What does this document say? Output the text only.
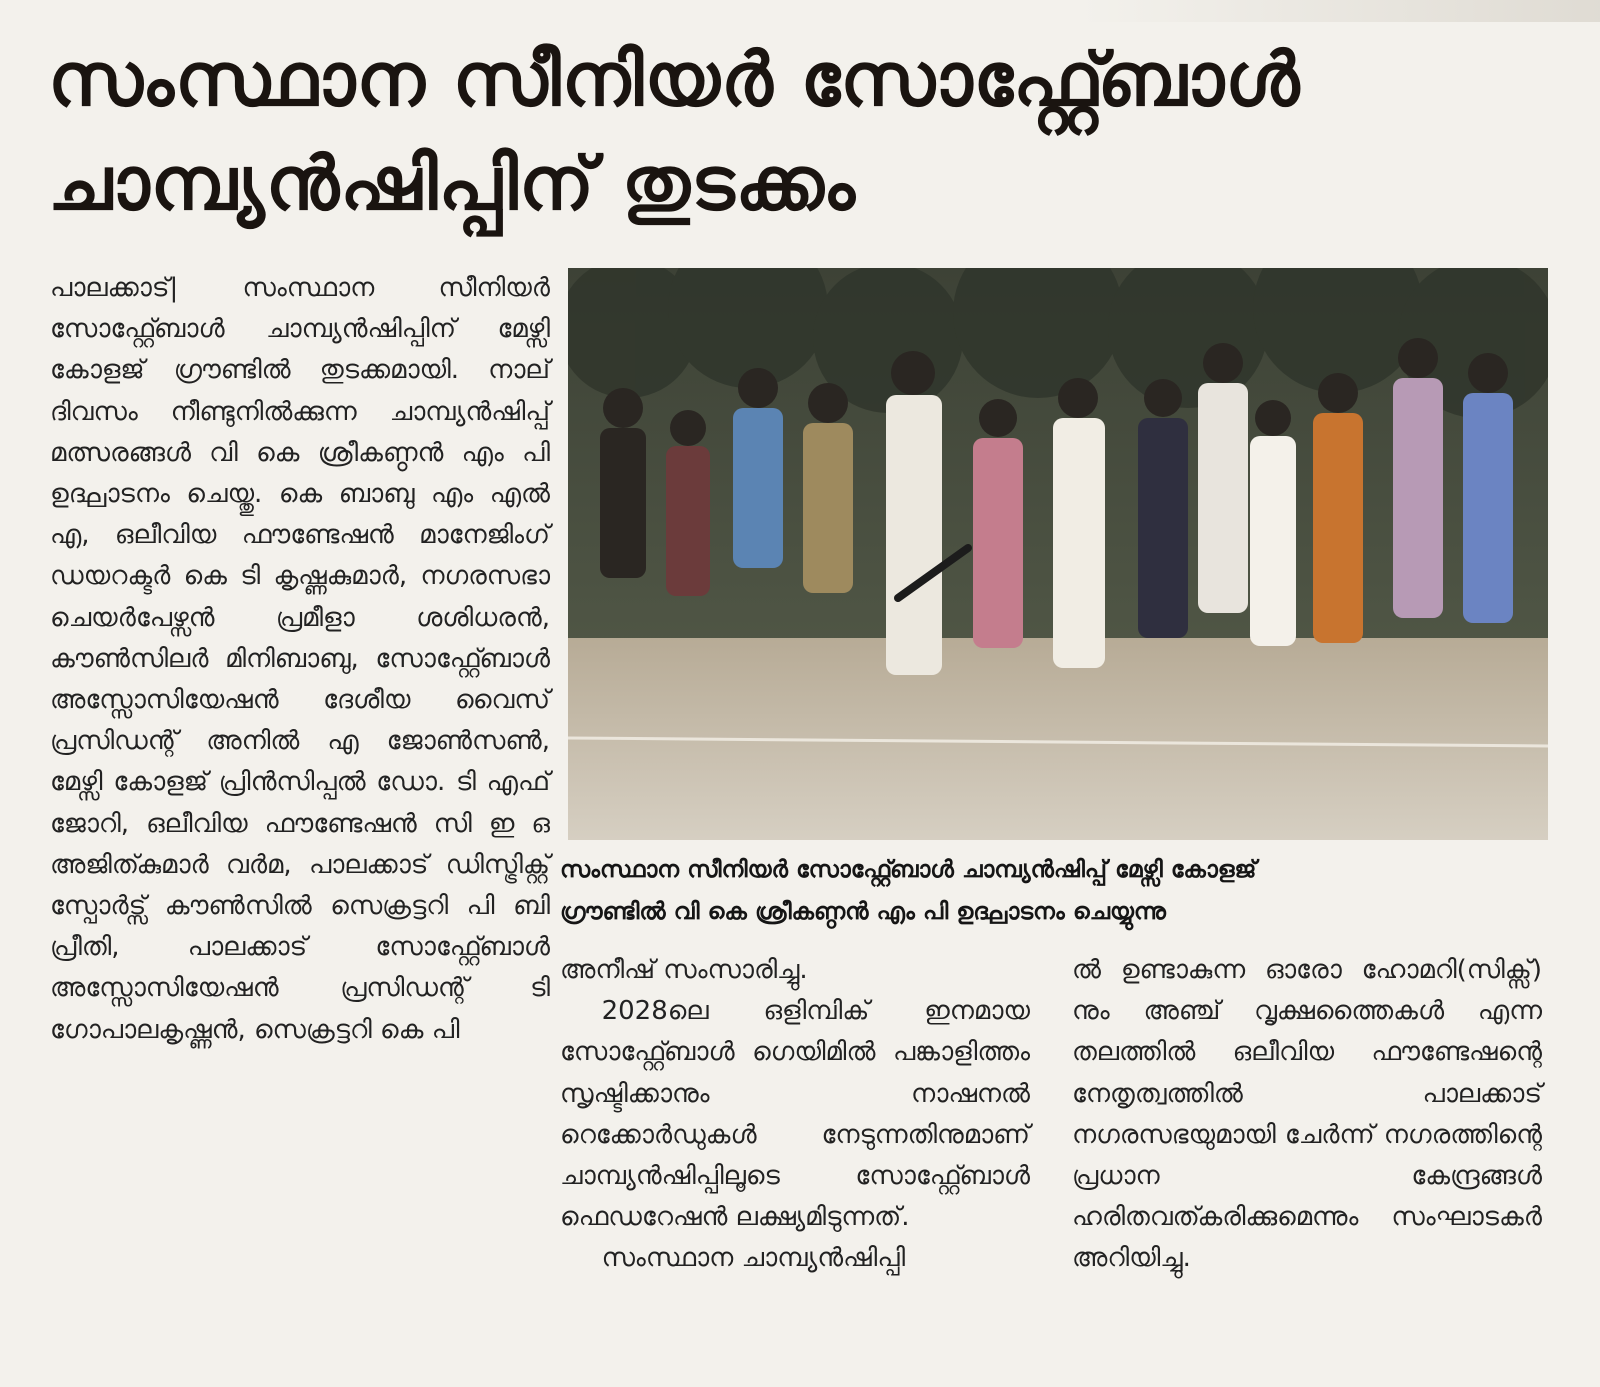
സംസ്ഥാന സീനിയർ സോഫ്റ്റ്ബോൾ
ചാമ്പ്യൻഷിപ്പിന് തുടക്കം

പാലക്കാട്| സംസ്ഥാന സീനിയർ സോഫ്റ്റ്ബോൾ ചാമ്പ്യൻഷിപ്പിന് മേഴ്സി കോളജ് ഗ്രൗണ്ടിൽ തുടക്കമായി. നാല് ദിവസം നീണ്ടുനിൽക്കുന്ന ചാമ്പ്യൻഷിപ്പ് മത്സരങ്ങൾ വി കെ ശ്രീകണ്ഠൻ എം പി ഉദ്ഘാടനം ചെയ്തു. കെ ബാബു എം എൽ എ, ഒലീവിയ ഫൗണ്ടേഷൻ മാനേജിംഗ് ഡയറക്ടർ കെ ടി കൃഷ്ണകുമാർ, നഗരസഭാ ചെയർപേഴ്സൻ പ്രമീളാ ശശിധരൻ, കൗൺസിലർ മിനിബാബു, സോഫ്റ്റ്ബോൾ അസ്സോസിയേഷൻ ദേശീയ വൈസ് പ്രസിഡന്റ് അനിൽ എ ജോൺസൺ, മേഴ്സി കോളജ് പ്രിൻസിപ്പൽ ഡോ. ടി എഫ് ജോറി, ഒലീവിയ ഫൗണ്ടേഷൻ സി ഇ ഒ അജിത്കുമാർ വർമ, പാലക്കാട് ഡിസ്ട്രിക്റ്റ് സ്പോർട്സ് കൗൺസിൽ സെക്രട്ടറി പി ബി പ്രീതി, പാലക്കാട് സോഫ്റ്റ്ബോൾ അസ്സോസിയേഷൻ പ്രസിഡന്റ് ടി ഗോപാലകൃഷ്ണൻ, സെക്രട്ടറി കെ പി

സംസ്ഥാന സീനിയർ സോഫ്റ്റ്ബോൾ ചാമ്പ്യൻഷിപ്പ് മേഴ്സി കോളജ്
ഗ്രൗണ്ടിൽ വി കെ ശ്രീകണ്ഠൻ എം പി ഉദ്ഘാടനം ചെയ്യുന്നു

അനീഷ് സംസാരിച്ചു.

2028ലെ ഒളിമ്പിക് ഇനമായ സോഫ്റ്റ്ബോൾ ഗെയിമിൽ പങ്കാളിത്തം സൃഷ്ടിക്കാനും നാഷനൽ റെക്കോർഡുകൾ നേടുന്നതിനുമാണ് ചാമ്പ്യൻഷിപ്പിലൂടെ സോഫ്റ്റ്ബോൾ ഫെഡറേഷൻ ലക്ഷ്യമിടുന്നത്.

സംസ്ഥാന ചാമ്പ്യൻഷിപ്പി

ൽ ഉണ്ടാകുന്ന ഓരോ ഹോമറി(സിക്സ്) നും അഞ്ച് വൃക്ഷത്തൈകൾ എന്ന തലത്തിൽ ഒലീവിയ ഫൗണ്ടേഷന്റെ നേതൃത്വത്തിൽ പാലക്കാട് നഗരസഭയുമായി ചേർന്ന് നഗരത്തിന്റെ പ്രധാന കേന്ദ്രങ്ങൾ ഹരിതവത്കരിക്കുമെന്നും സംഘാടകർ അറിയിച്ചു.
